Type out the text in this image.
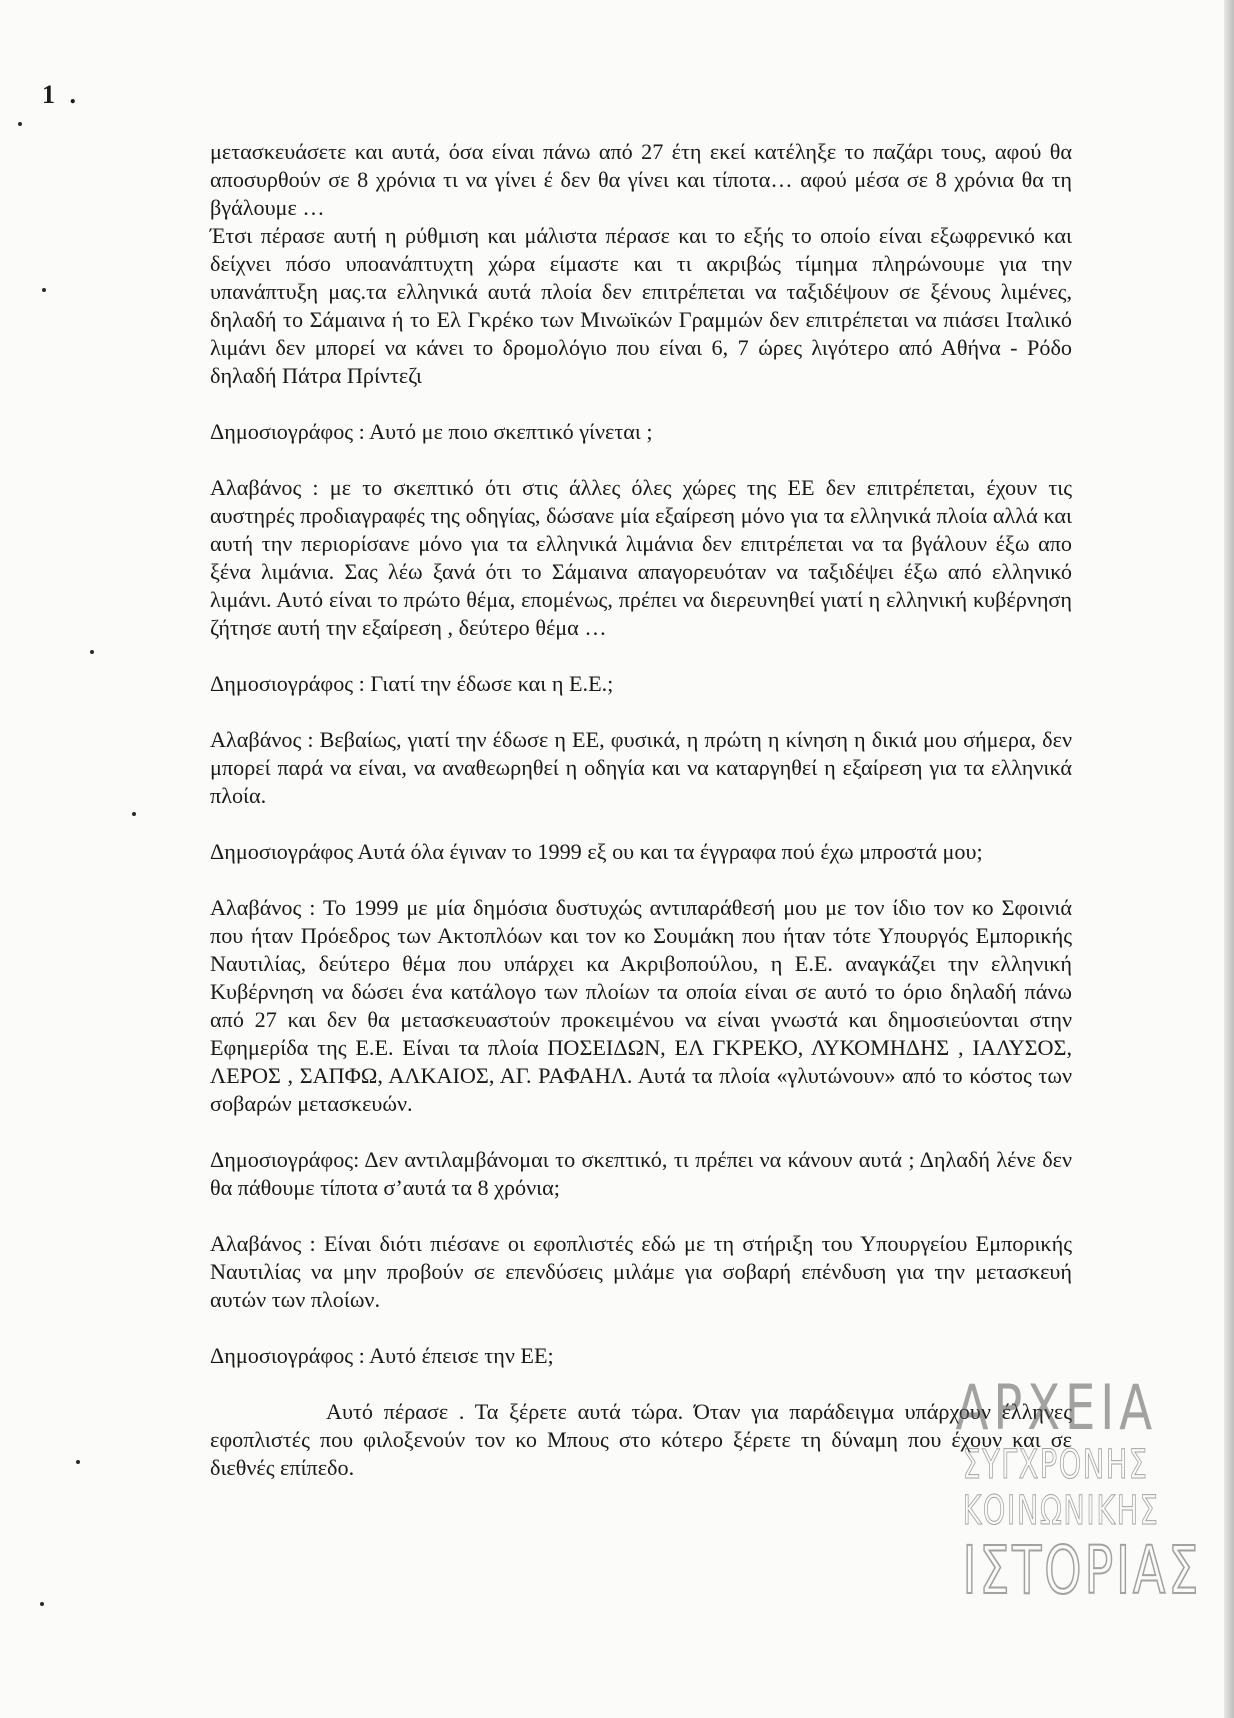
1 .

μετασκευάσετε και αυτά, όσα είναι πάνω από 27 έτη εκεί κατέληξε το παζάρι τους, αφού θα αποσυρθούν σε 8 χρόνια τι να γίνει έ δεν θα γίνει και τίποτα… αφού μέσα σε 8 χρόνια θα τη βγάλουμε …

Έτσι πέρασε αυτή η ρύθμιση και μάλιστα πέρασε και το εξής το οποίο είναι εξωφρενικό και δείχνει πόσο υποανάπτυχτη χώρα είμαστε και τι ακριβώς τίμημα πληρώνουμε για την υπανάπτυξη μας.τα ελληνικά αυτά πλοία δεν επιτρέπεται να ταξιδέψουν σε ξένους λιμένες, δηλαδή το Σάμαινα ή το Ελ Γκρέκο των Μινωϊκών Γραμμών δεν επιτρέπεται να πιάσει Ιταλικό λιμάνι δεν μπορεί να κάνει το δρομολόγιο που είναι 6, 7 ώρες λιγότερο από Αθήνα - Ρόδο δηλαδή Πάτρα Πρίντεζι

Δημοσιογράφος : Αυτό με ποιο σκεπτικό γίνεται ;

Αλαβάνος : με το σκεπτικό ότι στις άλλες όλες χώρες της ΕΕ δεν επιτρέπεται, έχουν τις αυστηρές προδιαγραφές της οδηγίας, δώσανε μία εξαίρεση μόνο για τα ελληνικά πλοία αλλά και αυτή την περιορίσανε μόνο για τα ελληνικά λιμάνια δεν επιτρέπεται να τα βγάλουν έξω απο ξένα λιμάνια. Σας λέω ξανά ότι το Σάμαινα απαγορευόταν να ταξιδέψει έξω από ελληνικό λιμάνι. Αυτό είναι το πρώτο θέμα, επομένως, πρέπει να διερευνηθεί γιατί η ελληνική κυβέρνηση ζήτησε αυτή την εξαίρεση , δεύτερο θέμα …

Δημοσιογράφος : Γιατί την έδωσε και η Ε.Ε.;

Αλαβάνος : Βεβαίως, γιατί την έδωσε η ΕΕ, φυσικά, η πρώτη η κίνηση η δικιά μου σήμερα, δεν μπορεί παρά να είναι, να αναθεωρηθεί η οδηγία και να καταργηθεί η εξαίρεση για τα ελληνικά πλοία.

Δημοσιογράφος Αυτά όλα έγιναν το 1999 εξ ου και τα έγγραφα πού έχω μπροστά μου;

Αλαβάνος : Το 1999 με μία δημόσια δυστυχώς αντιπαράθεσή μου με τον ίδιο τον κο Σφοινιά που ήταν Πρόεδρος των Ακτοπλόων και τον κο Σουμάκη που ήταν τότε Υπουργός Εμπορικής Ναυτιλίας, δεύτερο θέμα που υπάρχει κα Ακριβοπούλου, η Ε.Ε. αναγκάζει την ελληνική Κυβέρνηση να δώσει ένα κατάλογο των πλοίων τα οποία είναι σε αυτό το όριο δηλαδή πάνω από 27 και δεν θα μετασκευαστούν προκειμένου να είναι γνωστά και δημοσιεύονται στην Εφημερίδα της Ε.Ε. Είναι τα πλοία ΠΟΣΕΙΔΩΝ, ΕΛ ΓΚΡΕΚΟ, ΛΥΚΟΜΗΔΗΣ , ΙΑΛΥΣΟΣ, ΛΕΡΟΣ , ΣΑΠΦΩ, ΑΛΚΑΙΟΣ, ΑΓ. ΡΑΦΑΗΛ. Αυτά τα πλοία «γλυτώνουν» από το κόστος των σοβαρών μετασκευών.

Δημοσιογράφος: Δεν αντιλαμβάνομαι το σκεπτικό, τι πρέπει να κάνουν αυτά ; Δηλαδή λένε δεν θα πάθουμε τίποτα σ’αυτά τα 8 χρόνια;

Αλαβάνος : Είναι διότι πιέσανε οι εφοπλιστές εδώ με τη στήριξη του Υπουργείου Εμπορικής Ναυτιλίας να μην προβούν σε επενδύσεις μιλάμε για σοβαρή επένδυση για την μετασκευή αυτών των πλοίων.

Δημοσιογράφος : Αυτό έπεισε την ΕΕ;

Αυτό πέρασε . Τα ξέρετε αυτά τώρα. Όταν για παράδειγμα υπάρχουν έλληνες εφοπλιστές που φιλοξενούν τον κο Μπους στο κότερο ξέρετε τη δύναμη που έχουν και σε διεθνές επίπεδο.

ΑΡΧΕΙΑ
ΣΥΓΧΡΟΝΗΣ
ΚΟΙΝΩΝΙΚΗΣ
ΙΣΤΟΡΙΑΣ
